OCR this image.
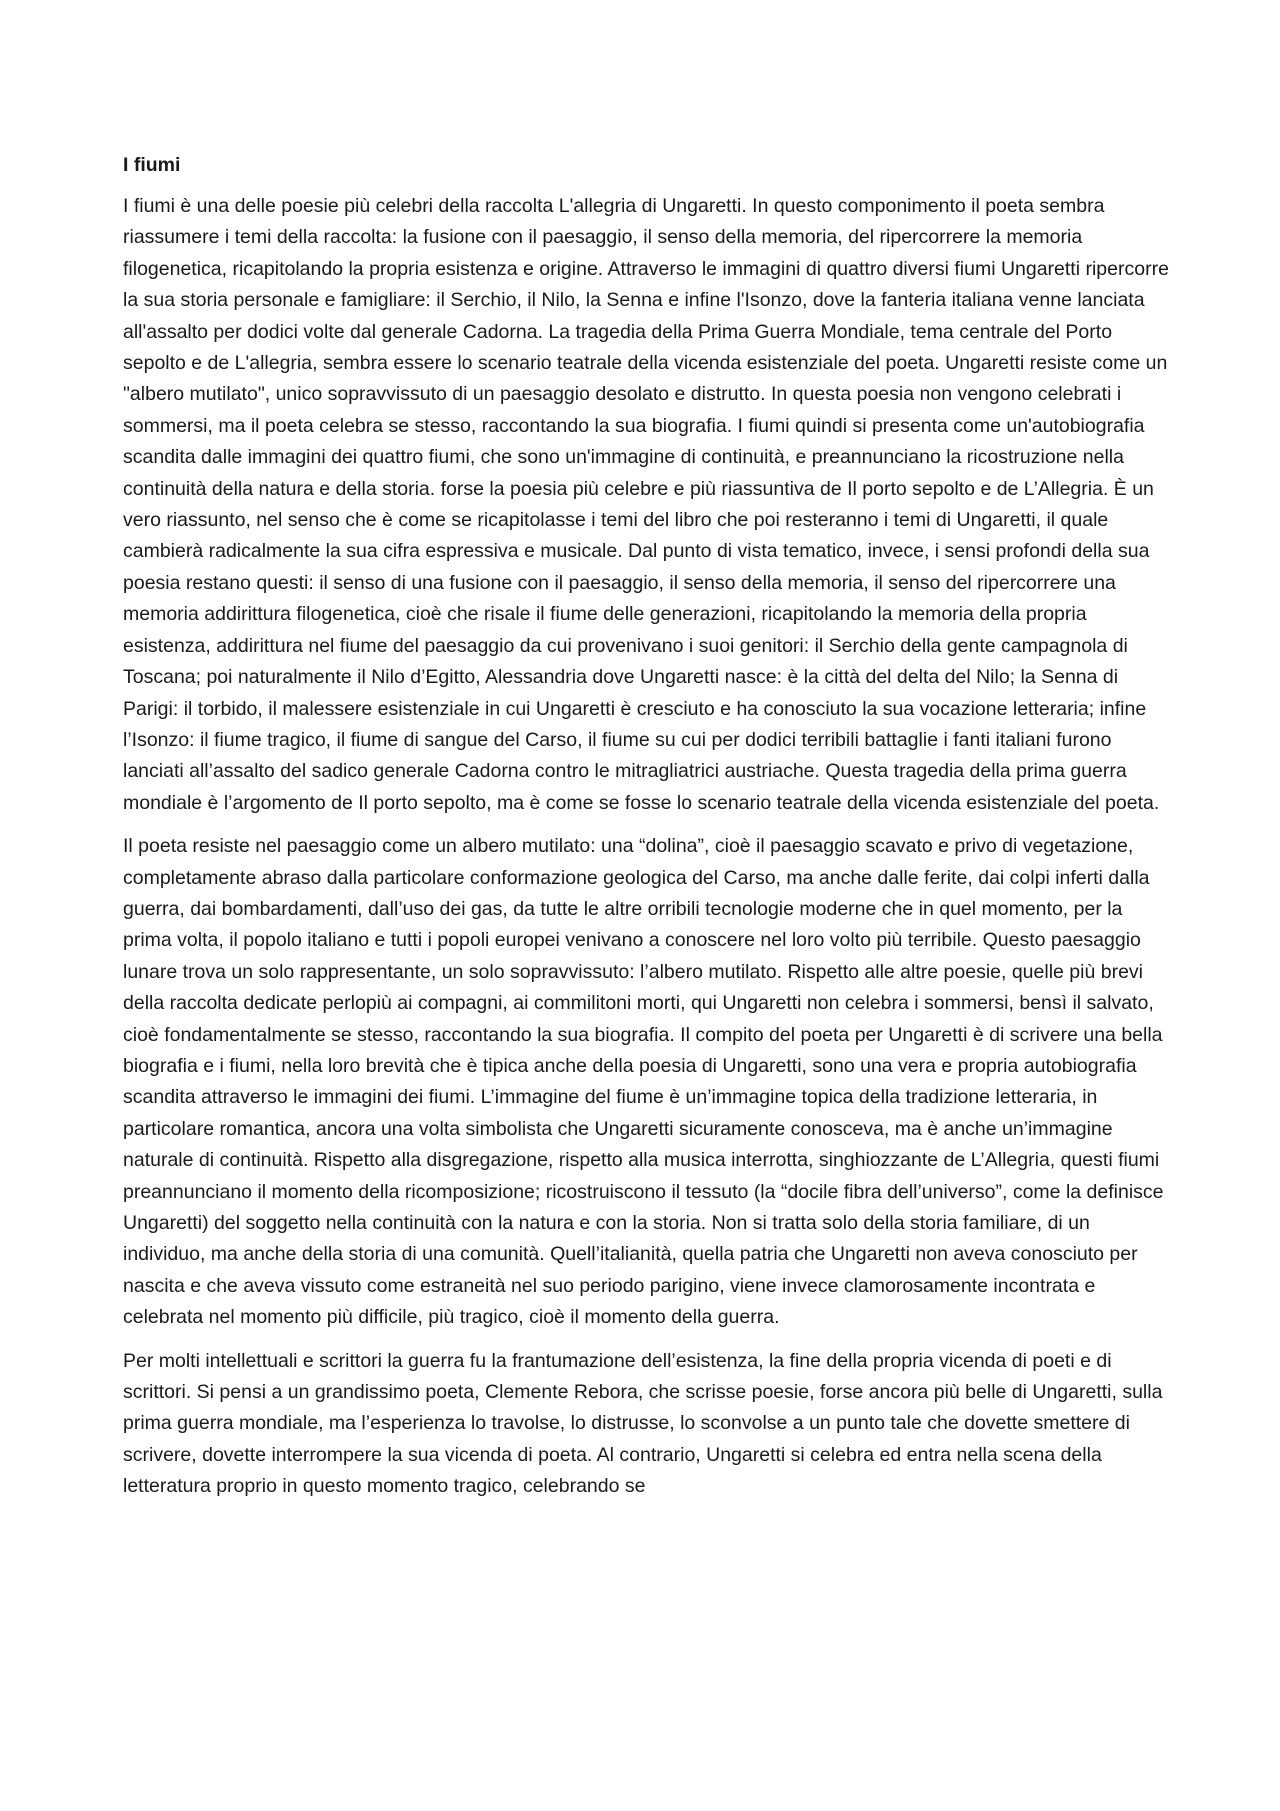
I fiumi

I fiumi è una delle poesie più celebri della raccolta L'allegria di Ungaretti. In questo componimento il poeta sembra riassumere i temi della raccolta: la fusione con il paesaggio, il senso della memoria, del ripercorrere la memoria filogenetica, ricapitolando la propria esistenza e origine. Attraverso le immagini di quattro diversi fiumi Ungaretti ripercorre la sua storia personale e famigliare: il Serchio, il Nilo, la Senna e infine l'Isonzo, dove la fanteria italiana venne lanciata all'assalto per dodici volte dal generale Cadorna. La tragedia della Prima Guerra Mondiale, tema centrale del Porto sepolto e de L'allegria, sembra essere lo scenario teatrale della vicenda esistenziale del poeta. Ungaretti resiste come un "albero mutilato", unico sopravvissuto di un paesaggio desolato e distrutto. In questa poesia non vengono celebrati i sommersi, ma il poeta celebra se stesso, raccontando la sua biografia. I fiumi quindi si presenta come un'autobiografia scandita dalle immagini dei quattro fiumi, che sono un'immagine di continuità, e preannunciano la ricostruzione nella continuità della natura e della storia. forse la poesia più celebre e più riassuntiva de Il porto sepolto e de L’Allegria. È un vero riassunto, nel senso che è come se ricapitolasse i temi del libro che poi resteranno i temi di Ungaretti, il quale cambierà radicalmente la sua cifra espressiva e musicale. Dal punto di vista tematico, invece, i sensi profondi della sua poesia restano questi: il senso di una fusione con il paesaggio, il senso della memoria, il senso del ripercorrere una memoria addirittura filogenetica, cioè che risale il fiume delle generazioni, ricapitolando la memoria della propria esistenza, addirittura nel fiume del paesaggio da cui provenivano i suoi genitori: il Serchio della gente campagnola di Toscana; poi naturalmente il Nilo d’Egitto, Alessandria dove Ungaretti nasce: è la città del delta del Nilo; la Senna di Parigi: il torbido, il malessere esistenziale in cui Ungaretti è cresciuto e ha conosciuto la sua vocazione letteraria; infine l’Isonzo: il fiume tragico, il fiume di sangue del Carso, il fiume su cui per dodici terribili battaglie i fanti italiani furono lanciati all’assalto del sadico generale Cadorna contro le mitragliatrici austriache. Questa tragedia della prima guerra mondiale è l’argomento de Il porto sepolto, ma è come se fosse lo scenario teatrale della vicenda esistenziale del poeta.

Il poeta resiste nel paesaggio come un albero mutilato: una “dolina”, cioè il paesaggio scavato e privo di vegetazione, completamente abraso dalla particolare conformazione geologica del Carso, ma anche dalle ferite, dai colpi inferti dalla guerra, dai bombardamenti, dall’uso dei gas, da tutte le altre orribili tecnologie moderne che in quel momento, per la prima volta, il popolo italiano e tutti i popoli europei venivano a conoscere nel loro volto più terribile. Questo paesaggio lunare trova un solo rappresentante, un solo sopravvissuto: l’albero mutilato. Rispetto alle altre poesie, quelle più brevi della raccolta dedicate perlopiù ai compagni, ai commilitoni morti, qui Ungaretti non celebra i sommersi, bensì il salvato, cioè fondamentalmente se stesso, raccontando la sua biografia. Il compito del poeta per Ungaretti è di scrivere una bella biografia e i fiumi, nella loro brevità che è tipica anche della poesia di Ungaretti, sono una vera e propria autobiografia scandita attraverso le immagini dei fiumi. L’immagine del fiume è un’immagine topica della tradizione letteraria, in particolare romantica, ancora una volta simbolista che Ungaretti sicuramente conosceva, ma è anche un’immagine naturale di continuità. Rispetto alla disgregazione, rispetto alla musica interrotta, singhiozzante de L’Allegria, questi fiumi preannunciano il momento della ricomposizione; ricostruiscono il tessuto (la “docile fibra dell’universo”, come la definisce Ungaretti) del soggetto nella continuità con la natura e con la storia. Non si tratta solo della storia familiare, di un individuo, ma anche della storia di una comunità. Quell’italianità, quella patria che Ungaretti non aveva conosciuto per nascita e che aveva vissuto come estraneità nel suo periodo parigino, viene invece clamorosamente incontrata e celebrata nel momento più difficile, più tragico, cioè il momento della guerra.

Per molti intellettuali e scrittori la guerra fu la frantumazione dell’esistenza, la fine della propria vicenda di poeti e di scrittori. Si pensi a un grandissimo poeta, Clemente Rebora, che scrisse poesie, forse ancora più belle di Ungaretti, sulla prima guerra mondiale, ma l’esperienza lo travolse, lo distrusse, lo sconvolse a un punto tale che dovette smettere di scrivere, dovette interrompere la sua vicenda di poeta. Al contrario, Ungaretti si celebra ed entra nella scena della letteratura proprio in questo momento tragico, celebrando se
